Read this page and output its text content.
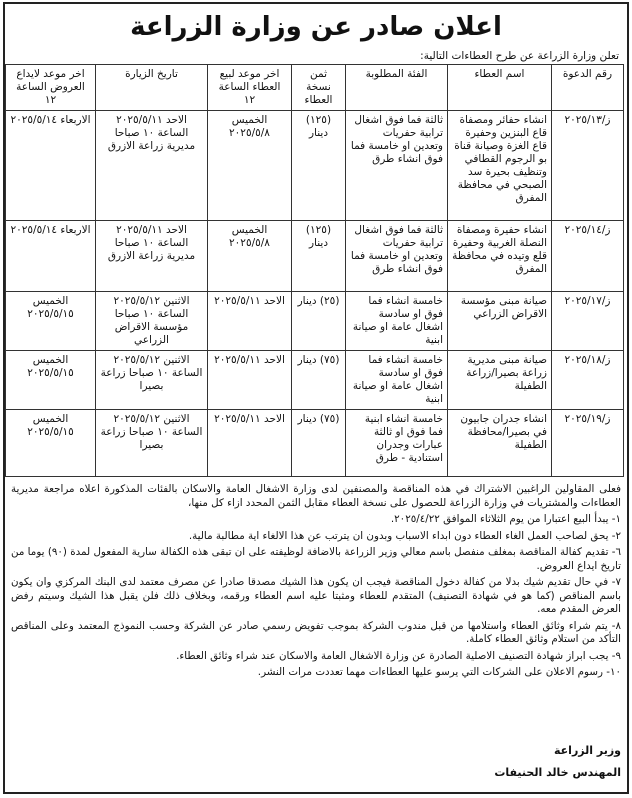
اعلان صادر عن وزارة الزراعة
تعلن وزارة الزراعة عن طرح العطاءات التالية:
رقم الدعوة	اسم العطاء	الفئة المطلوبة	ثمن نسخة العطاء	اخر موعد لبيع العطاء الساعة ١٢	تاريخ الزيارة	اخر موعد لايداع العروض الساعة ١٢
ز/٢٠٢٥/١٣	انشاء حفائر ومصفاة قاع البنزين وحفيرة قاع الغزة وصيانة قناة بو الرجوم القطافي وتنظيف بحيرة سد الصبحي في محافظة المفرق	ثالثة فما فوق اشغال ترابية حفريات وتعدين او خامسة فما فوق انشاء طرق	(١٢٥) دينار	الخميس ٢٠٢٥/٥/٨	الاحد ٢٠٢٥/٥/١١ الساعة ١٠ صباحا مديرية زراعة الازرق	الاربعاء ٢٠٢٥/٥/١٤
ز/٢٠٢٥/١٤	انشاء حفيرة ومصفاة النصلة الغربية وحفيرة قلع وتيده في محافظة المفرق	ثالثة فما فوق اشغال ترابية حفريات وتعدين او خامسة فما فوق انشاء طرق	(١٢٥) دينار	الخميس ٢٠٢٥/٥/٨	الاحد ٢٠٢٥/٥/١١ الساعة ١٠ صباحا مديرية زراعة الازرق	الاربعاء ٢٠٢٥/٥/١٤
ز/٢٠٢٥/١٧	صيانة مبنى مؤسسة الاقراض الزراعي	خامسة انشاء فما فوق او سادسة اشغال عامة او صيانة ابنية	(٢٥) دينار	الاحد ٢٠٢٥/٥/١١	الاثنين ٢٠٢٥/٥/١٢ الساعة ١٠ صباحا مؤسسة الاقراض الزراعي	الخميس ٢٠٢٥/٥/١٥
ز/٢٠٢٥/١٨	صيانة مبنى مديرية زراعة بصيرا/زراعة الطفيلة	خامسة انشاء فما فوق او سادسة اشغال عامة او صيانة ابنية	(٧٥) دينار	الاحد ٢٠٢٥/٥/١١	الاثنين ٢٠٢٥/٥/١٢ الساعة ١٠ صباحا زراعة بصيرا	الخميس ٢٠٢٥/٥/١٥
ز/٢٠٢٥/١٩	انشاء جدران جابيون في بصيرا/محافظة الطفيلة	خامسة انشاء ابنية فما فوق او ثالثة عبارات وجدران استنادية - طرق	(٧٥) دينار	الاحد ٢٠٢٥/٥/١١	الاثنين ٢٠٢٥/٥/١٢ الساعة ١٠ صباحا زراعة بصيرا	الخميس ٢٠٢٥/٥/١٥

فعلى المقاولين الراغبين الاشتراك في هذه المناقصة والمصنفين لدى وزارة الاشغال العامة والاسكان بالفئات المذكورة اعلاه مراجعة مديرية العطاءات والمشتريات في وزارة الزراعة للحصول على نسخة العطاء مقابل الثمن المحدد ازاء كل منها،

١- يبدأ البيع اعتبارا من يوم الثلاثاء الموافق ٢٠٢٥/٤/٢٢.

٢- يحق لصاحب العمل الغاء العطاء دون ابداء الاسباب وبدون ان يترتب عن هذا الالغاء اية مطالبة مالية.

٦- تقديم كفالة المناقصة بمغلف منفصل باسم معالي وزير الزراعة بالاضافة لوظيفته على ان تبقى هذه الكفالة سارية المفعول لمدة (٩٠) يوما من تاريخ ايداع العروض.

٧- في حال تقديم شيك بدلا من كفالة دخول المناقصة فيجب ان يكون هذا الشيك مصدقا صادرا عن مصرف معتمد لدى البنك المركزي وان يكون باسم المناقص (كما هو في شهادة التصنيف) المتقدم للعطاء ومثبتا عليه اسم العطاء ورقمه، وبخلاف ذلك فلن يقبل هذا الشيك وسيتم رفض العرض المقدم معه.

٨- يتم شراء وثائق العطاء واستلامها من قبل مندوب الشركة بموجب تفويض رسمي صادر عن الشركة وحسب النموذج المعتمد وعلى المناقص التأكد من استلام وثائق العطاء كاملة.

٩- يجب ابراز شهادة التصنيف الاصلية الصادرة عن وزارة الاشغال العامة والاسكان عند شراء وثائق العطاء.

١٠- رسوم الاعلان على الشركات التي يرسو عليها العطاءات مهما تعددت مرات النشر.

وزير الزراعة
المهندس خالد الحنيفات
